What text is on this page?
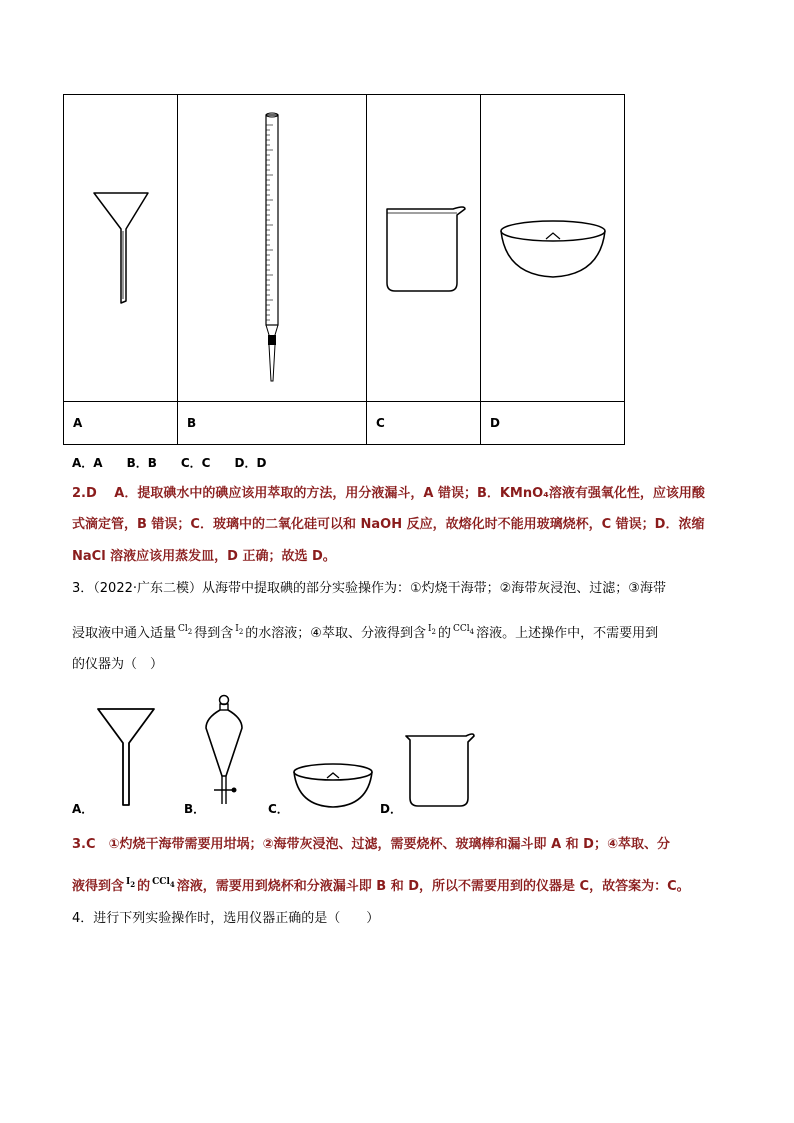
A	B	C	D
A．A　　B．B　　C．C　　D．D
2.D　 A．提取碘水中的碘应该用萃取的方法，用分液漏斗，A 错误；B．KMnO₄溶液有强氧化性，应该用酸
式滴定管，B 错误；C．玻璃中的二氧化硅可以和 NaOH 反应，故熔化时不能用玻璃烧杯，C 错误；D．浓缩
NaCl 溶液应该用蒸发皿，D 正确；故选 D。
3．（2022·广东二模）从海带中提取碘的部分实验操作为：①灼烧干海带；②海带灰浸泡、过滤；③海带
浸取液中通入适量 $^{Cl_2}$ 得到含 $^{I_2}$ 的水溶液；④萃取、分液得到含 $^{I_2}$ 的 $^{CCl_4}$ 溶液。上述操作中，不需要用到
的仪器为（　）
A．	B．	C．	D．
3.C　①灼烧干海带需要用坩埚；②海带灰浸泡、过滤，需要烧杯、玻璃棒和漏斗即 A 和 D；④萃取、分
液得到含 $^{I_2}$ 的 $^{CCl_4}$ 溶液，需要用到烧杯和分液漏斗即 B 和 D，所以不需要用到的仪器是 C，故答案为：C。
4．进行下列实验操作时，选用仪器正确的是（　　）
